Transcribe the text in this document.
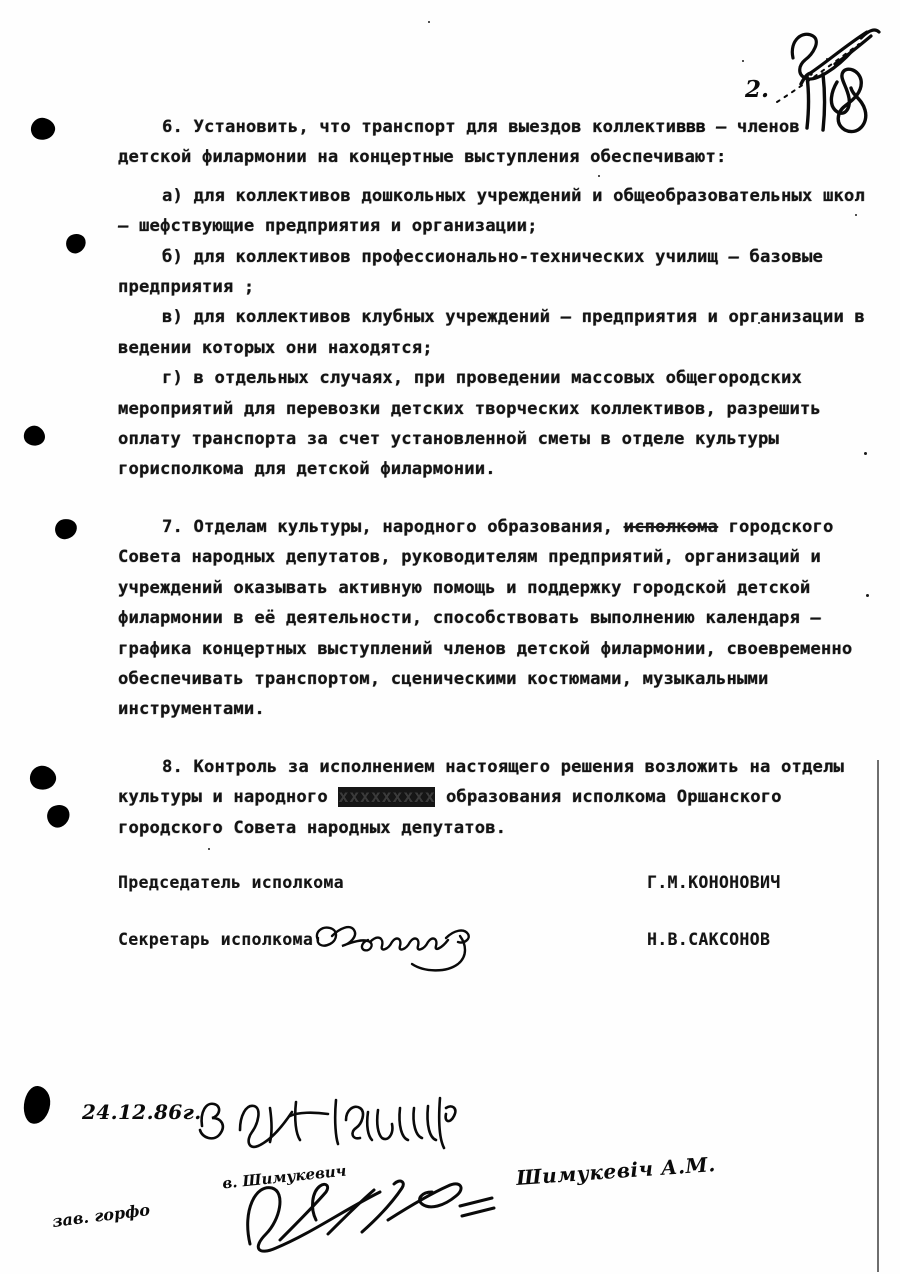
2.
6. Установить, что транспорт для выездов коллективвв – членов детской филармонии на концертные выступления обеспечивают:
а) для коллективов дошкольных учреждений и общеобразовательных школ – шефствующие предприятия и организации;
б) для коллективов профессионально-технических училищ – базовые предприятия ;
в) для коллективов клубных учреждений – предприятия и организации в ведении которых они находятся;
г) в отдельных случаях, при проведении массовых общегородских мероприятий для перевозки детских творческих коллективов, разрешить оплату транспорта за счет установленной сметы в отделе культуры горисполкома для детской филармонии.
7. Отделам культуры, народного образования, исполкома городского Совета народных депутатов, руководителям предприятий, организаций и учреждений оказывать активную помощь и поддержку городской детской филармонии в её деятельности, способствовать выполнению календаря – графика концертных выступлений членов детской филармонии, своевременно обеспечивать транспортом, сценическими костюмами, музыкальными инструментами.
8. Контроль за исполнением настоящего решения возложить на отделы культуры и народного ххххххххх образования исполкома Оршанского городского Совета народных депутатов.
Председатель исполкома	Г.М.КОНОНОВИЧ
Секретарь исполкома	Н.В.САКСОНОВ
24.12.86г.
в. Шимукевич
зав. горфо
Шимукевiч А.М.
